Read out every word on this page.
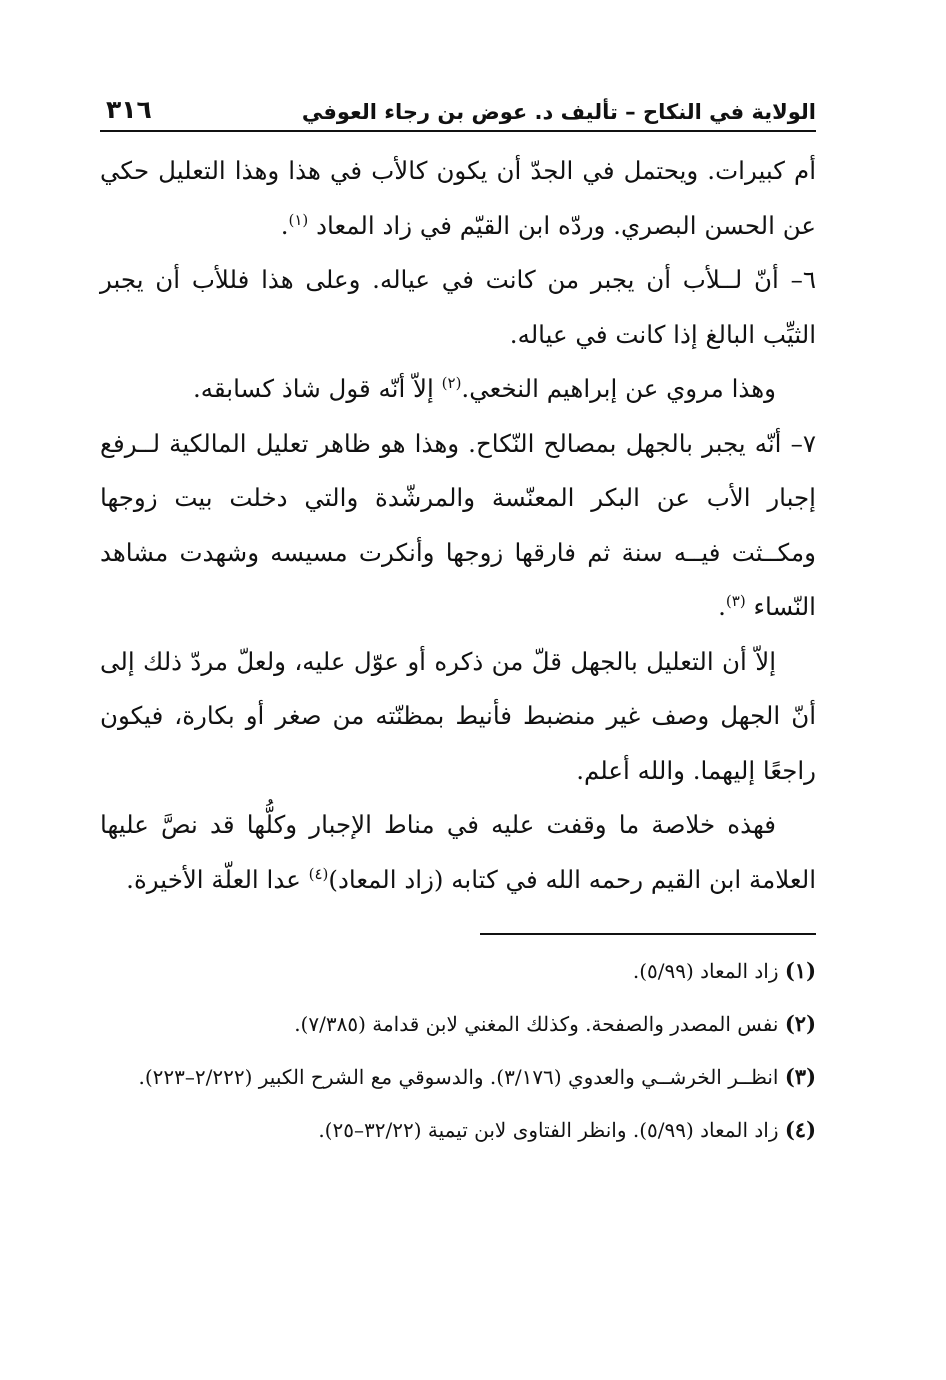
الولاية في النكاح – تأليف د. عوض بن رجاء العوفي
٣١٦

أم كبيرات. ويحتمل في الجدّ أن يكون كالأب في هذا وهذا التعليل حكي عن الحسن البصري. وردّه ابن القيّم في زاد المعاد $^{(١)}$.

٦– أنّ لــلأب أن يجبر من كانت في عياله. وعلى هذا فللأب أن يجبر الثيِّب البالغ إذا كانت في عياله.

وهذا مروي عن إبراهيم النخعي.$^{(٢)}$ إلاّ أنّه قول شاذ كسابقه.

٧– أنّه يجبر بالجهل بمصالح النّكاح. وهذا هو ظاهر تعليل المالكية لــرفع إجبار الأب عن البكر المعنّسة والمرشّدة والتي دخلت بيت زوجها ومكــثت فيــه سنة ثم فارقها زوجها وأنكرت مسيسه وشهدت مشاهد النّساء $^{(٣)}$.

إلاّ أن التعليل بالجهل قلّ من ذكره أو عوّل عليه، ولعلّ مردّ ذلك إلى أنّ الجهل وصف غير منضبط فأنيط بمظنّته من صغر أو بكارة، فيكون راجعًا إليهما. والله أعلم.

فهذه خلاصة ما وقفت عليه في مناط الإجبار وكلُّها قد نصَّ عليها العلامة ابن القيم رحمه الله في كتابه (زاد المعاد)$^{(٤)}$ عدا العلّة الأخيرة.

(١) زاد المعاد (٥/٩٩).

(٢) نفس المصدر والصفحة. وكذلك المغني لابن قدامة (٧/٣٨٥).

(٣) انظــر الخرشــي والعدوي (٣/١٧٦). والدسوقي مع الشرح الكبير (٢/٢٢٢–٢٢٣).

(٤) زاد المعاد (٥/٩٩). وانظر الفتاوى لابن تيمية (٣٢/٢٢–٢٥).
